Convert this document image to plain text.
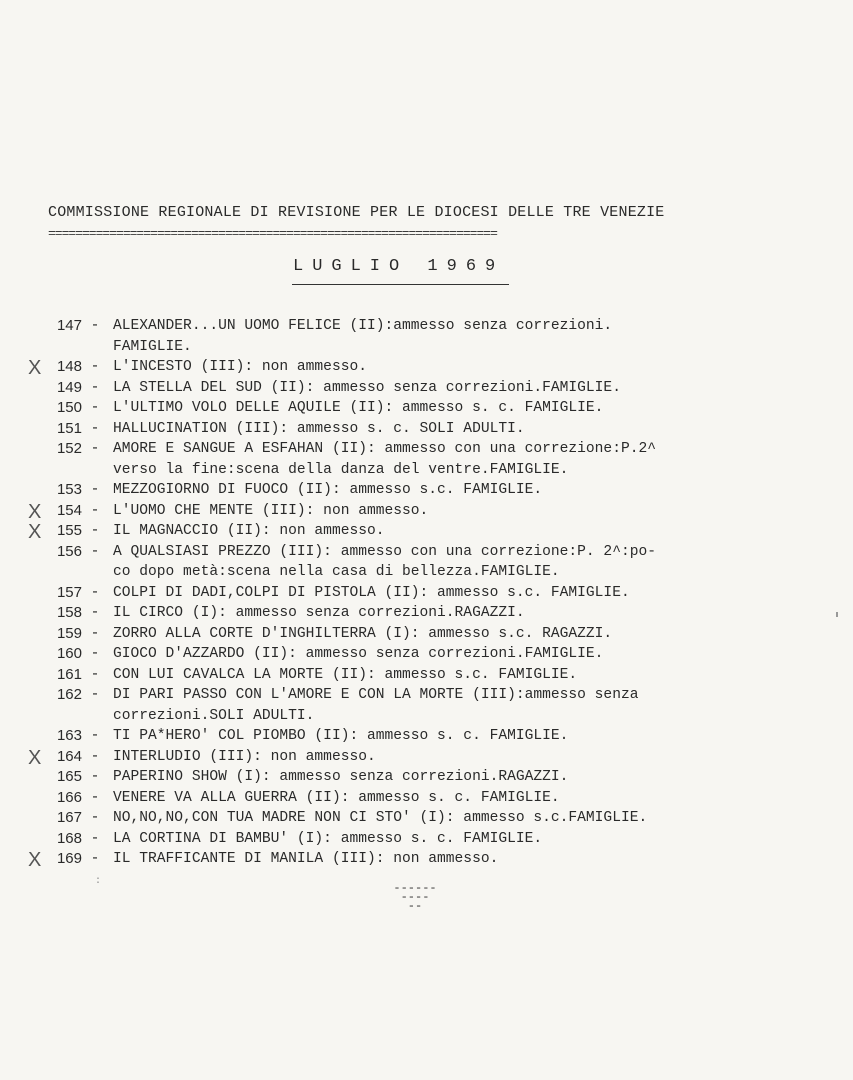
COMMISSIONE REGIONALE DI REVISIONE PER LE DIOCESI DELLE TRE VENEZIE
==================================================================
LUGLIO 1969
147 - ALEXANDER...UN UOMO FELICE (II):ammesso senza correzioni.
FAMIGLIE.
X	148 - L'INCESTO (III): non ammesso.
149 - LA STELLA DEL SUD (II): ammesso senza correzioni.FAMIGLIE.
150 - L'ULTIMO VOLO DELLE AQUILE (II): ammesso s. c. FAMIGLIE.
151 - HALLUCINATION (III): ammesso s. c. SOLI ADULTI.
152 - AMORE E SANGUE A ESFAHAN (II): ammesso con una correzione:P.2^
verso la fine:scena della danza del ventre.FAMIGLIE.
153 - MEZZOGIORNO DI FUOCO (II): ammesso s.c. FAMIGLIE.
X	154 - L'UOMO CHE MENTE (III): non ammesso.
X	155 - IL MAGNACCIO (II): non ammesso.
156 - A QUALSIASI PREZZO (III): ammesso con una correzione:P. 2^:po-
co dopo metà:scena nella casa di bellezza.FAMIGLIE.
157 - COLPI DI DADI,COLPI DI PISTOLA (II): ammesso s.c. FAMIGLIE.
158 - IL CIRCO (I): ammesso senza correzioni.RAGAZZI.
159 - ZORRO ALLA CORTE D'INGHILTERRA (I): ammesso s.c. RAGAZZI.
160 - GIOCO D'AZZARDO (II): ammesso senza correzioni.FAMIGLIE.
161 - CON LUI CAVALCA LA MORTE (II): ammesso s.c. FAMIGLIE.
162 - DI PARI PASSO CON L'AMORE E CON LA MORTE (III):ammesso senza
correzioni.SOLI ADULTI.
163 - TI PA*HERO' COL PIOMBO (II): ammesso s. c. FAMIGLIE.
X	164 - INTERLUDIO (III): non ammesso.
165 - PAPERINO SHOW (I): ammesso senza correzioni.RAGAZZI.
166 - VENERE VA ALLA GUERRA (II): ammesso s. c. FAMIGLIE.
167 - NO,NO,NO,CON TUA MADRE NON CI STO' (I): ammesso s.c.FAMIGLIE.
168 - LA CORTINA DI BAMBU' (I): ammesso s. c. FAMIGLIE.
X	169 - IL TRAFFICANTE DI MANILA (III): non ammesso.
:	------
----
--
